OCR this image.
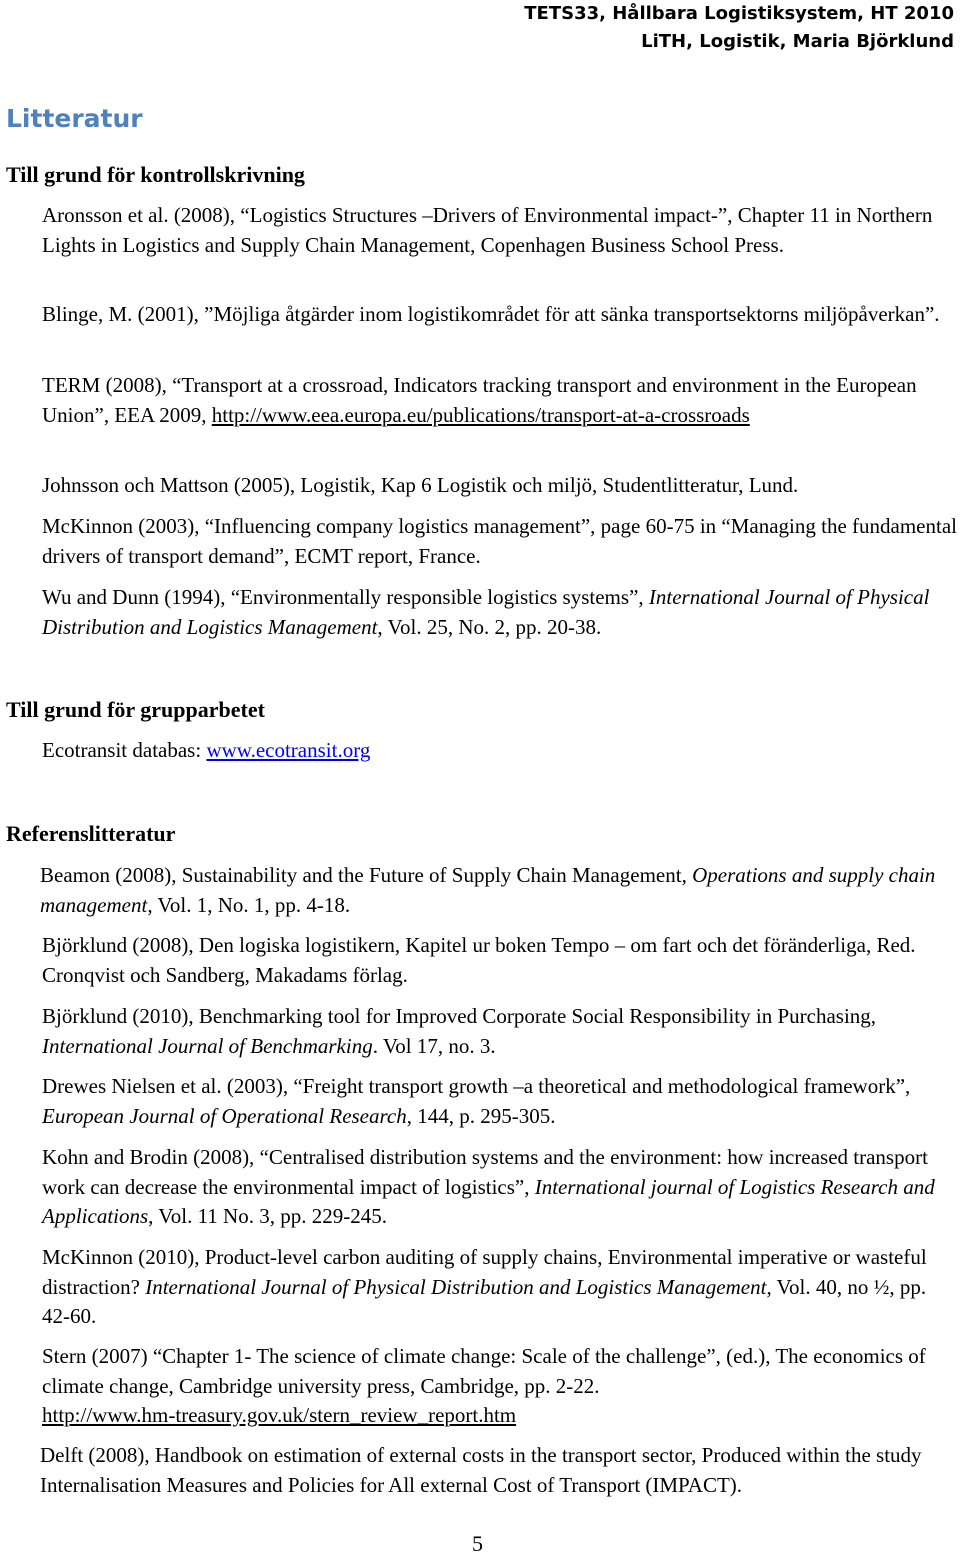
TETS33, Hållbara Logistiksystem, HT 2010
LiTH, Logistik, Maria Björklund
Litteratur
Till grund för kontrollskrivning

Aronsson et al. (2008), “Logistics Structures –Drivers of Environmental impact-”, Chapter 11 in Northern Lights in Logistics and Supply Chain Management, Copenhagen Business School Press.

Blinge, M. (2001), ”Möjliga åtgärder inom logistikområdet för att sänka transportsektorns miljöpåverkan”.

TERM (2008), “Transport at a crossroad, Indicators tracking transport and environment in the European Union”, EEA 2009, http://www.eea.europa.eu/publications/transport-at-a-crossroads

Johnsson och Mattson (2005), Logistik, Kap 6 Logistik och miljö, Studentlitteratur, Lund.

McKinnon (2003), “Influencing company logistics management”, page 60-75 in “Managing the fundamental drivers of transport demand”, ECMT report, France.

Wu and Dunn (1994), “Environmentally responsible logistics systems”, International Journal of Physical Distribution and Logistics Management, Vol. 25, No. 2, pp. 20-38.

Till grund för grupparbetet

Ecotransit databas: www.ecotransit.org

Referenslitteratur

Beamon (2008), Sustainability and the Future of Supply Chain Management, Operations and supply chain management, Vol. 1, No. 1, pp. 4-18.

Björklund (2008), Den logiska logistikern, Kapitel ur boken Tempo – om fart och det föränderliga, Red. Cronqvist och Sandberg, Makadams förlag.

Björklund (2010), Benchmarking tool for Improved Corporate Social Responsibility in Purchasing, International Journal of Benchmarking. Vol 17, no. 3.

Drewes Nielsen et al. (2003), “Freight transport growth –a theoretical and methodological framework”, European Journal of Operational Research, 144, p. 295-305.

Kohn and Brodin (2008), “Centralised distribution systems and the environment: how increased transport work can decrease the environmental impact of logistics”, International journal of Logistics Research and Applications, Vol. 11 No. 3, pp. 229-245.

McKinnon (2010), Product-level carbon auditing of supply chains, Environmental imperative or wasteful distraction? International Journal of Physical Distribution and Logistics Management, Vol. 40, no ½, pp. 42-60.

Stern (2007) “Chapter 1- The science of climate change: Scale of the challenge”, (ed.), The economics of climate change, Cambridge university press, Cambridge, pp. 2-22.
http://www.hm-treasury.gov.uk/stern_review_report.htm

Delft (2008), Handbook on estimation of external costs in the transport sector, Produced within the study Internalisation Measures and Policies for All external Cost of Transport (IMPACT).

5
